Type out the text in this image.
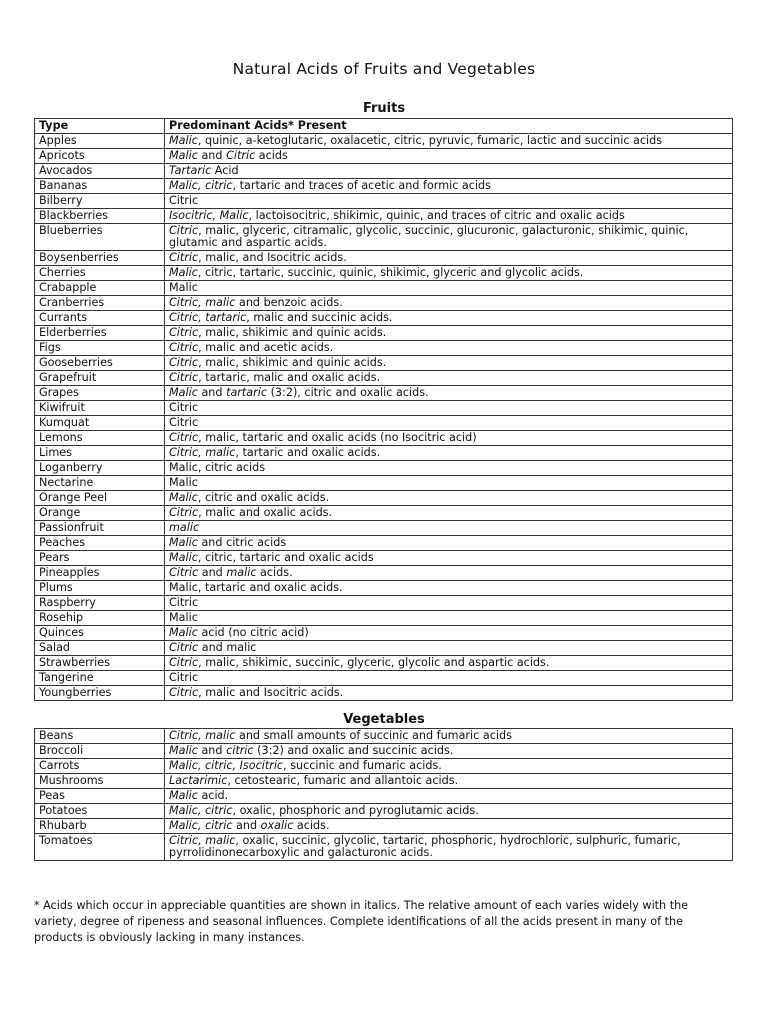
Natural Acids of Fruits and Vegetables
Fruits
Type	Predominant Acids* Present
Apples	Malic, quinic, a-ketoglutaric, oxalacetic, citric, pyruvic, fumaric, lactic and succinic acids
Apricots	Malic and Citric acids
Avocados	Tartaric Acid
Bananas	Malic, citric, tartaric and traces of acetic and formic acids
Bilberry	Citric
Blackberries	Isocitric, Malic, lactoisocitric, shikimic, quinic, and traces of citric and oxalic acids
Blueberries	Citric, malic, glyceric, citramalic, glycolic, succinic, glucuronic, galacturonic, shikimic, quinic, glutamic and aspartic acids.
Boysenberries	Citric, malic, and Isocitric acids.
Cherries	Malic, citric, tartaric, succinic, quinic, shikimic, glyceric and glycolic acids.
Crabapple	Malic
Cranberries	Citric, malic and benzoic acids.
Currants	Citric, tartaric, malic and succinic acids.
Elderberries	Citric, malic, shikimic and quinic acids.
Figs	Citric, malic and acetic acids.
Gooseberries	Citric, malic, shikimic and quinic acids.
Grapefruit	Citric, tartaric, malic and oxalic acids.
Grapes	Malic and tartaric (3:2), citric and oxalic acids.
Kiwifruit	Citric
Kumquat	Citric
Lemons	Citric, malic, tartaric and oxalic acids (no Isocitric acid)
Limes	Citric, malic, tartaric and oxalic acids.
Loganberry	Malic, citric acids
Nectarine	Malic
Orange Peel	Malic, citric and oxalic acids.
Orange	Citric, malic and oxalic acids.
Passionfruit	malic
Peaches	Malic and citric acids
Pears	Malic, citric, tartaric and oxalic acids
Pineapples	Citric and malic acids.
Plums	Malic, tartaric and oxalic acids.
Raspberry	Citric
Rosehip	Malic
Quinces	Malic acid (no citric acid)
Salad	Citric and malic
Strawberries	Citric, malic, shikimic, succinic, glyceric, glycolic and aspartic acids.
Tangerine	Citric
Youngberries	Citric, malic and Isocitric acids.
Vegetables
Beans	Citric, malic and small amounts of succinic and fumaric acids
Broccoli	Malic and citric (3:2) and oxalic and succinic acids.
Carrots	Malic, citric, Isocitric, succinic and fumaric acids.
Mushrooms	Lactarimic, cetostearic, fumaric and allantoic acids.
Peas	Malic acid.
Potatoes	Malic, citric, oxalic, phosphoric and pyroglutamic acids.
Rhubarb	Malic, citric and oxalic acids.
Tomatoes	Citric, malic, oxalic, succinic, glycolic, tartaric, phosphoric, hydrochloric, sulphuric, fumaric, pyrrolidinonecarboxylic and galacturonic acids.
* Acids which occur in appreciable quantities are shown in italics. The relative amount of each varies widely with the variety, degree of ripeness and seasonal influences. Complete identifications of all the acids present in many of the products is obviously lacking in many instances.
